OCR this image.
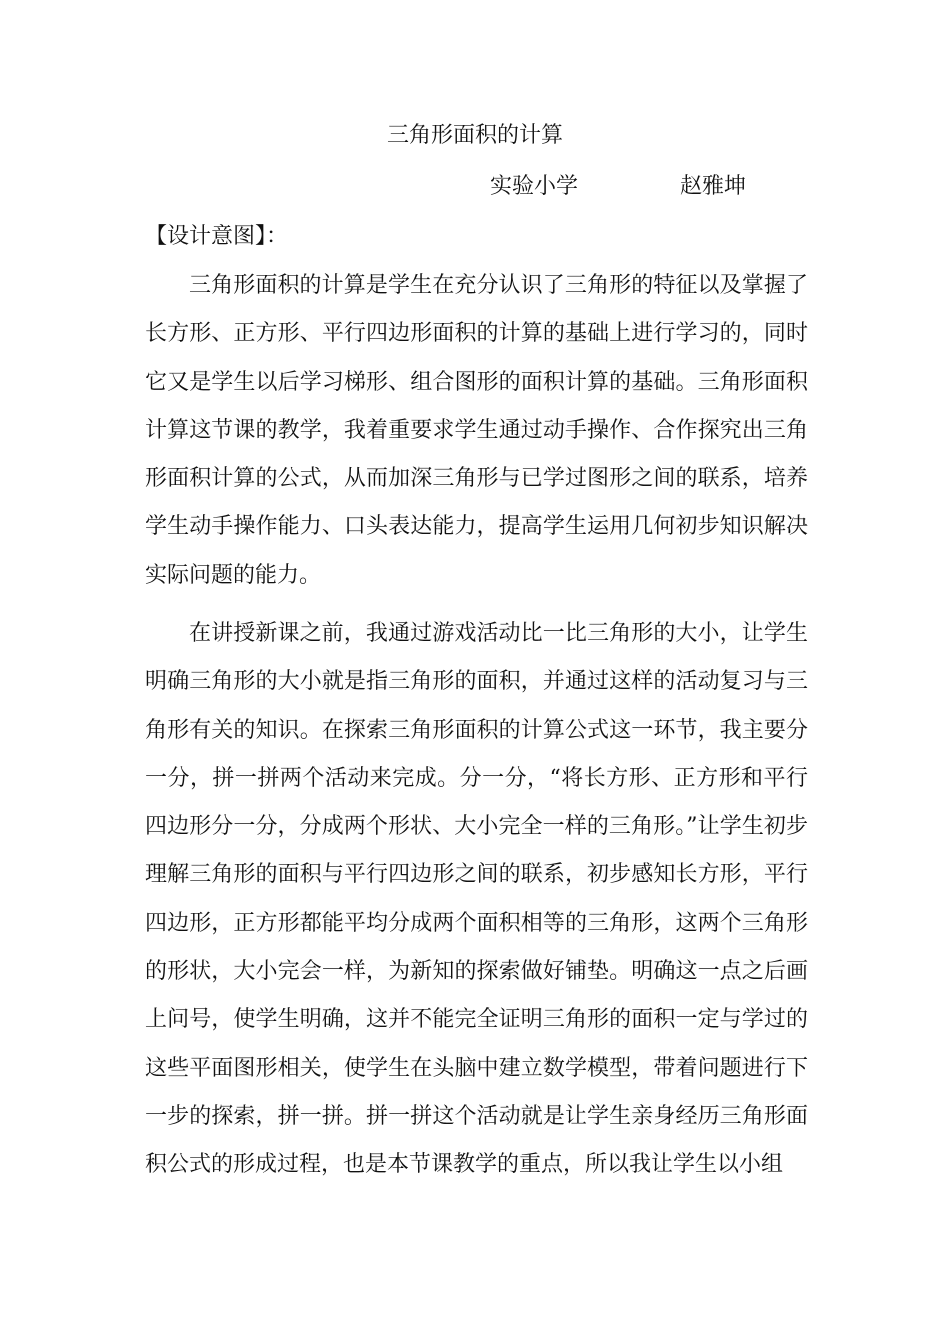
三角形面积的计算
实验小学	赵雅坤
【设计意图】：

三角形面积的计算是学生在充分认识了三角形的特征以及掌握了长方形、正方形、平行四边形面积的计算的基础上进行学习的，同时它又是学生以后学习梯形、组合图形的面积计算的基础。三角形面积计算这节课的教学，我着重要求学生通过动手操作、合作探究出三角形面积计算的公式，从而加深三角形与已学过图形之间的联系，培养学生动手操作能力、口头表达能力，提高学生运用几何初步知识解决实际问题的能力。

在讲授新课之前，我通过游戏活动比一比三角形的大小，让学生明确三角形的大小就是指三角形的面积，并通过这样的活动复习与三角形有关的知识。在探索三角形面积的计算公式这一环节，我主要分一分，拼一拼两个活动来完成。分一分，“将长方形、正方形和平行四边形分一分，分成两个形状、大小完全一样的三角形。”让学生初步理解三角形的面积与平行四边形之间的联系，初步感知长方形，平行四边形，正方形都能平均分成两个面积相等的三角形，这两个三角形的形状，大小完会一样，为新知的探索做好铺垫。明确这一点之后画上问号，使学生明确，这并不能完全证明三角形的面积一定与学过的这些平面图形相关，使学生在头脑中建立数学模型，带着问题进行下一步的探索，拼一拼。拼一拼这个活动就是让学生亲身经历三角形面积公式的形成过程，也是本节课教学的重点，所以我让学生以小组
